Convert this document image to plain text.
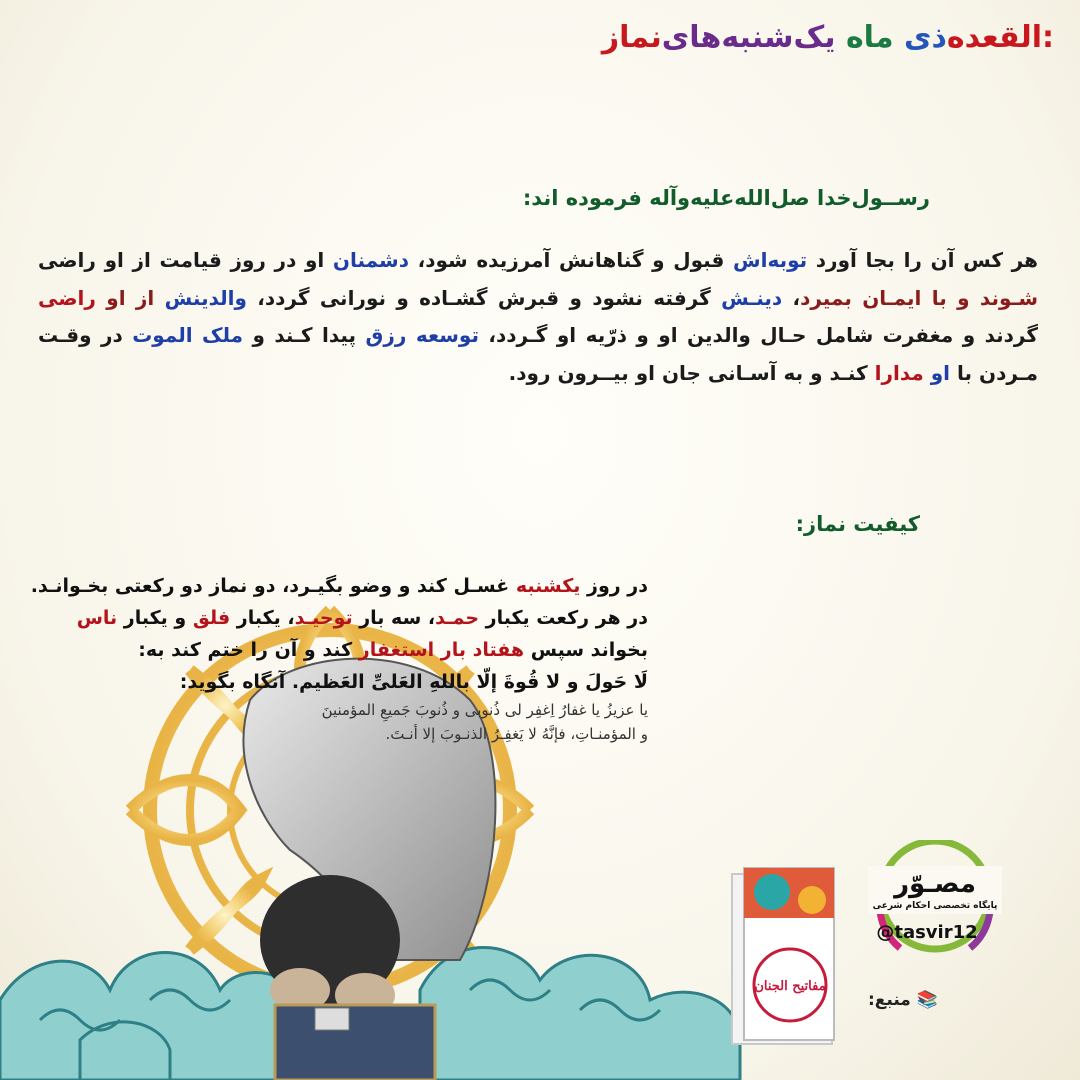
نمازیک‌شنبه‌های ماه ذیالقعده:
رســول‌خدا صل‌الله‌علیه‌و‌آله فرموده اند:
هر کس آن را بجا آورد توبه‌اش قبول و گناهانش آمرزیده شود، دشمنان او در روز قیامت از او راضی شـوند و با ایمـان بمیرد، دینـش گرفته نشود و قبرش گشـاده و نورانی گردد، والدینش از او راضی گردند و مغفرت شامل حـال والدین او و ذرّیه او گـردد، توسعه رزق پیدا کـند و ملک الموت در وقـت مـردن با او مدارا کنـد و به آسـانی جان او بیــرون رود.
کیفیت نماز:
در روز یکشنبه غسـل کند و وضو بگیـرد، دو نماز دو رکعتی بخـوانـد.
در هر رکعت یکبار حمـد، سه بار توحیـد، یکبار فلق و یکبار ناس
بخواند سپس هفتاد بار استغفار کند و آن را ختم کند به:
لَا حَولَ و لا قُوةَ إلّا باللهِ العَلیِّ العَظیم. آنگاه بگوید:
یا عزیزُ یا غفارُ اِغفِر لی ذُنوبی و ذُنوبَ جَمیعِ المؤمنینَ
و المؤمنـاتِ، فإنَّهُ لا یَغفِـرُ الذنـوبَ إلا أنـتَ.
مصـوّر
پایگاه تخصصی احکام شرعی
@tasvir12
مفاتیح الجنان
📚 منبع:
